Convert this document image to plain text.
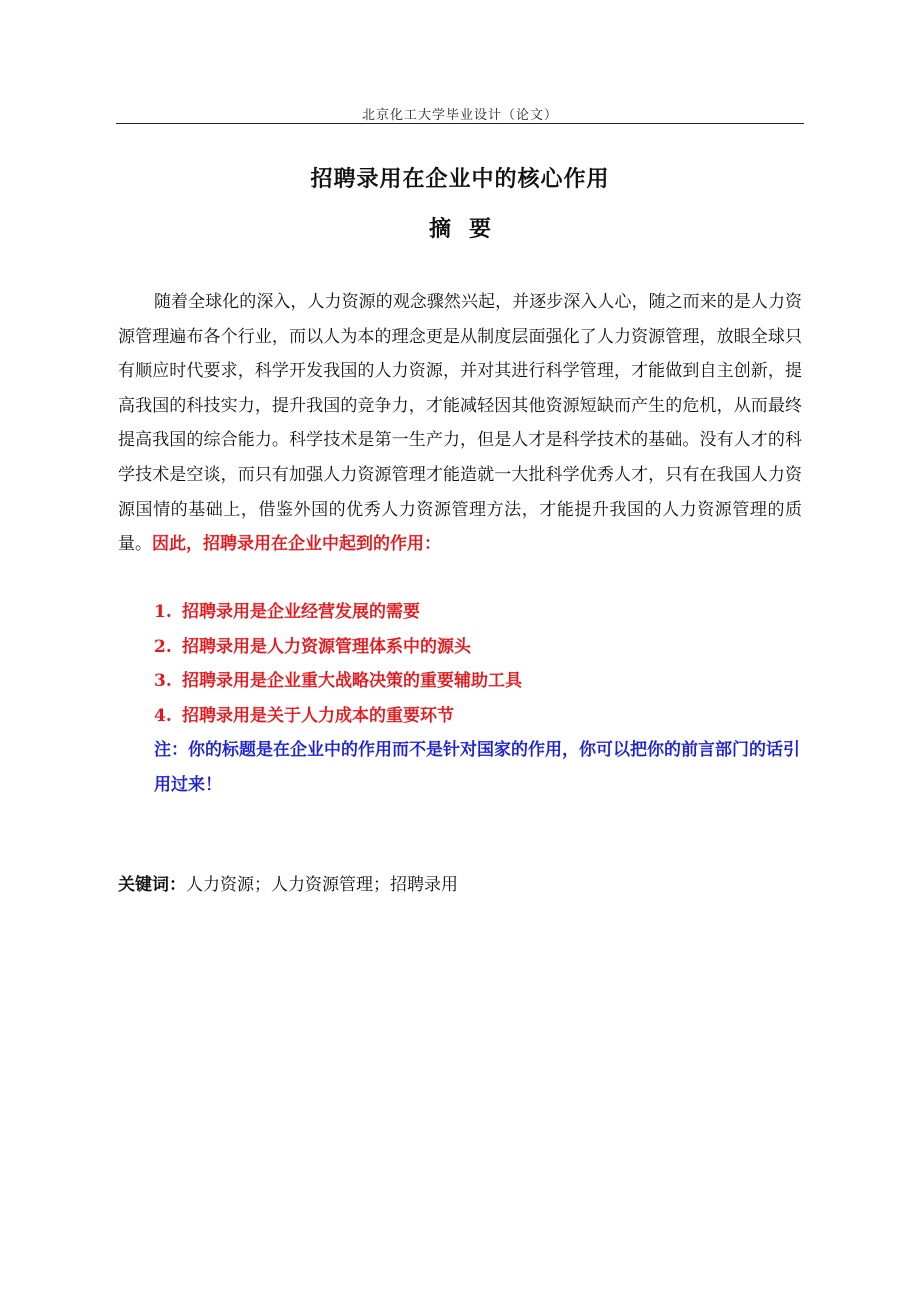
北京化工大学毕业设计（论文）
招聘录用在企业中的核心作用
摘要

随着全球化的深入，人力资源的观念骤然兴起，并逐步深入人心，随之而来的是人力资源管理遍布各个行业，而以人为本的理念更是从制度层面强化了人力资源管理，放眼全球只有顺应时代要求，科学开发我国的人力资源，并对其进行科学管理，才能做到自主创新，提高我国的科技实力，提升我国的竞争力，才能减轻因其他资源短缺而产生的危机，从而最终提高我国的综合能力。科学技术是第一生产力，但是人才是科学技术的基础。没有人才的科学技术是空谈，而只有加强人力资源管理才能造就一大批科学优秀人才，只有在我国人力资源国情的基础上，借鉴外国的优秀人力资源管理方法，才能提升我国的人力资源管理的质量。因此，招聘录用在企业中起到的作用：

1. 招聘录用是企业经营发展的需要
2. 招聘录用是人力资源管理体系中的源头
3. 招聘录用是企业重大战略决策的重要辅助工具
4. 招聘录用是关于人力成本的重要环节

注：你的标题是在企业中的作用而不是针对国家的作用，你可以把你的前言部门的话引用过来！

关键词：人力资源；人力资源管理；招聘录用
